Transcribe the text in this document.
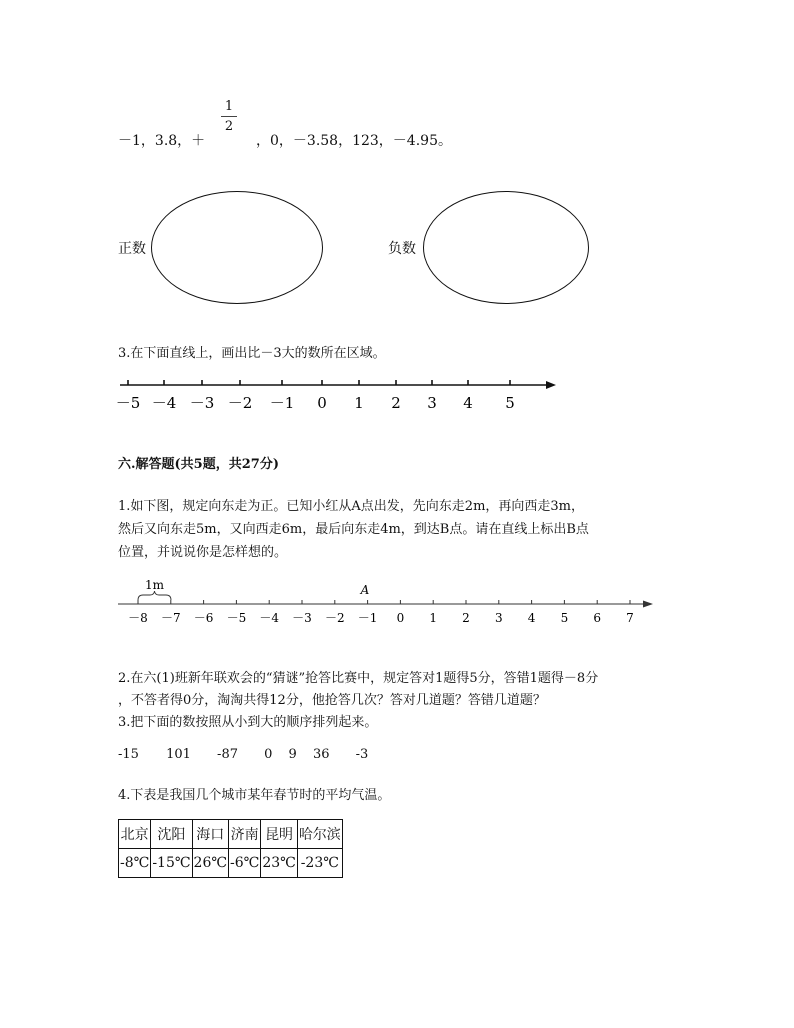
－1，3.8，＋
1
2
，0，－3.58，123，－4.95。
正数	负数
3.在下面直线上，画出比－3大的数所在区域。
－5 －4 －3 －2 －1 0 1 2 3 4 5
六.解答题(共5题，共27分)
1.如下图，规定向东走为正。已知小红从A点出发，先向东走2m，再向西走3m，
然后又向东走5m，又向西走6m，最后向东走4m，到达B点。请在直线上标出B点
位置，并说说你是怎样想的。
1m	A
－8 －7 －6 －5 －4 －3 －2 －1 0 1 2 3 4 5 6 7
2.在六(1)班新年联欢会的“猜谜”抢答比赛中，规定答对1题得5分，答错1题得－8分
，不答者得0分，淘淘共得12分，他抢答几次？答对几道题？答错几道题？
3.把下面的数按照从小到大的顺序排列起来。
-15 101 -87 0 9 36 -3
4.下表是我国几个城市某年春节时的平均气温。
北京	沈阳	海口	济南	昆明	哈尔滨
-8℃	-15℃	26℃	-6℃	23℃	-23℃
